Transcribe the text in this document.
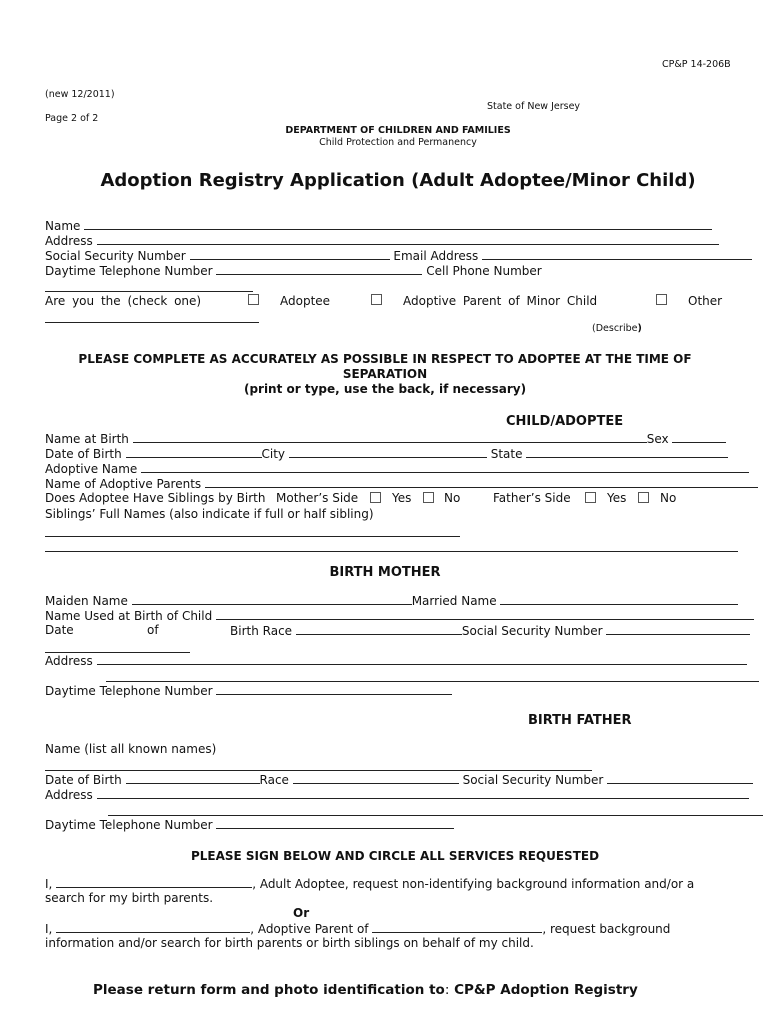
CP&P 14-206B
(new 12/2011)
State of New Jersey
Page 2 of 2
DEPARTMENT OF CHILDREN AND FAMILIES
Child Protection and Permanency
Adoption Registry Application (Adult Adoptee/Minor Child)
Name
Address
Social Security Number	Email Address
Daytime Telephone Number	Cell Phone Number
Are you the (check one)	Adoptee	Adoptive Parent of Minor Child	Other
(Describe)
PLEASE COMPLETE AS ACCURATELY AS POSSIBLE IN RESPECT TO ADOPTEE AT THE TIME OF
SEPARATION
(print or type, use the back, if necessary)
CHILD/ADOPTEE
Name at Birth	Sex
Date of Birth	City	State
Adoptive Name
Name of Adoptive Parents
Does Adoptee Have Siblings by Birth Mother’s Side	Yes	No	Father’s Side	Yes	No
Siblings’ Full Names (also indicate if full or half sibling)
BIRTH MOTHER
Maiden Name	Married Name
Name Used at Birth of Child
Date	of	Birth Race	Social Security Number
Address
Daytime Telephone Number
BIRTH FATHER
Name (list all known names)
Date of Birth	Race	Social Security Number
Address
Daytime Telephone Number
PLEASE SIGN BELOW AND CIRCLE ALL SERVICES REQUESTED
I,	, Adult Adoptee, request non-identifying background information and/or a
search for my birth parents.
Or
I,	, Adoptive Parent of	, request background
information and/or search for birth parents or birth siblings on behalf of my child.
Please return form and photo identification to: CP&P Adoption Registry
